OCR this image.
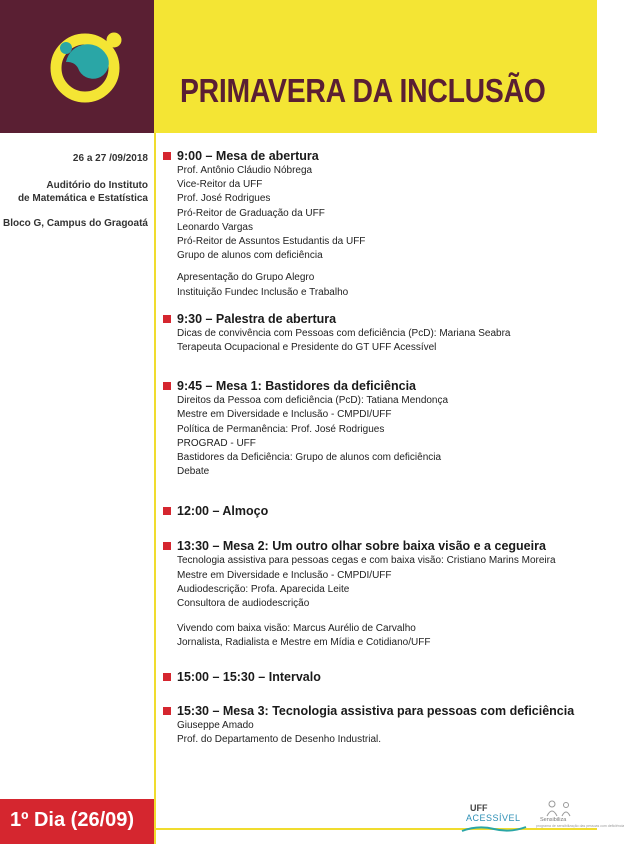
PRIMAVERA DA INCLUSÃO
26 a 27 /09/2018
Auditório do Instituto
de Matemática e Estatística
Bloco G, Campus do Gragoatá
9:00 – Mesa de abertura
Prof. Antônio Cláudio Nóbrega
Vice-Reitor da UFF
Prof. José Rodrigues
Pró-Reitor de Graduação da UFF
Leonardo Vargas
Pró-Reitor de Assuntos Estudantis da UFF
Grupo de alunos com deficiência
Apresentação do Grupo Alegro
Instituição Fundec Inclusão e Trabalho
9:30 – Palestra de abertura
Dicas de convivência com Pessoas com deficiência (PcD): Mariana Seabra
Terapeuta Ocupacional e Presidente do GT UFF Acessível
9:45 – Mesa 1: Bastidores da deficiência
Direitos da Pessoa com deficiência (PcD): Tatiana Mendonça
Mestre em Diversidade e Inclusão - CMPDI/UFF
Política de Permanência: Prof. José Rodrigues
PROGRAD - UFF
Bastidores da Deficiência: Grupo de alunos com deficiência
Debate
12:00 – Almoço
13:30 – Mesa 2: Um outro olhar sobre baixa visão e a cegueira
Tecnologia assistiva para pessoas cegas e com baixa visão: Cristiano Marins Moreira
Mestre em Diversidade e Inclusão - CMPDI/UFF
Audiodescrição: Profa. Aparecida Leite
Consultora de audiodescrição
Vivendo com baixa visão: Marcus Aurélio de Carvalho
Jornalista, Radialista e Mestre em Mídia e Cotidiano/UFF
15:00 – 15:30 – Intervalo
15:30 – Mesa 3: Tecnologia assistiva para pessoas com deficiência
Giuseppe Amado
Prof. do Departamento de Desenho Industrial.
1º Dia (26/09)
UFF
ACESSÍVEL	Sensibiliza
programa de sensibilização das pessoas com deficiência
